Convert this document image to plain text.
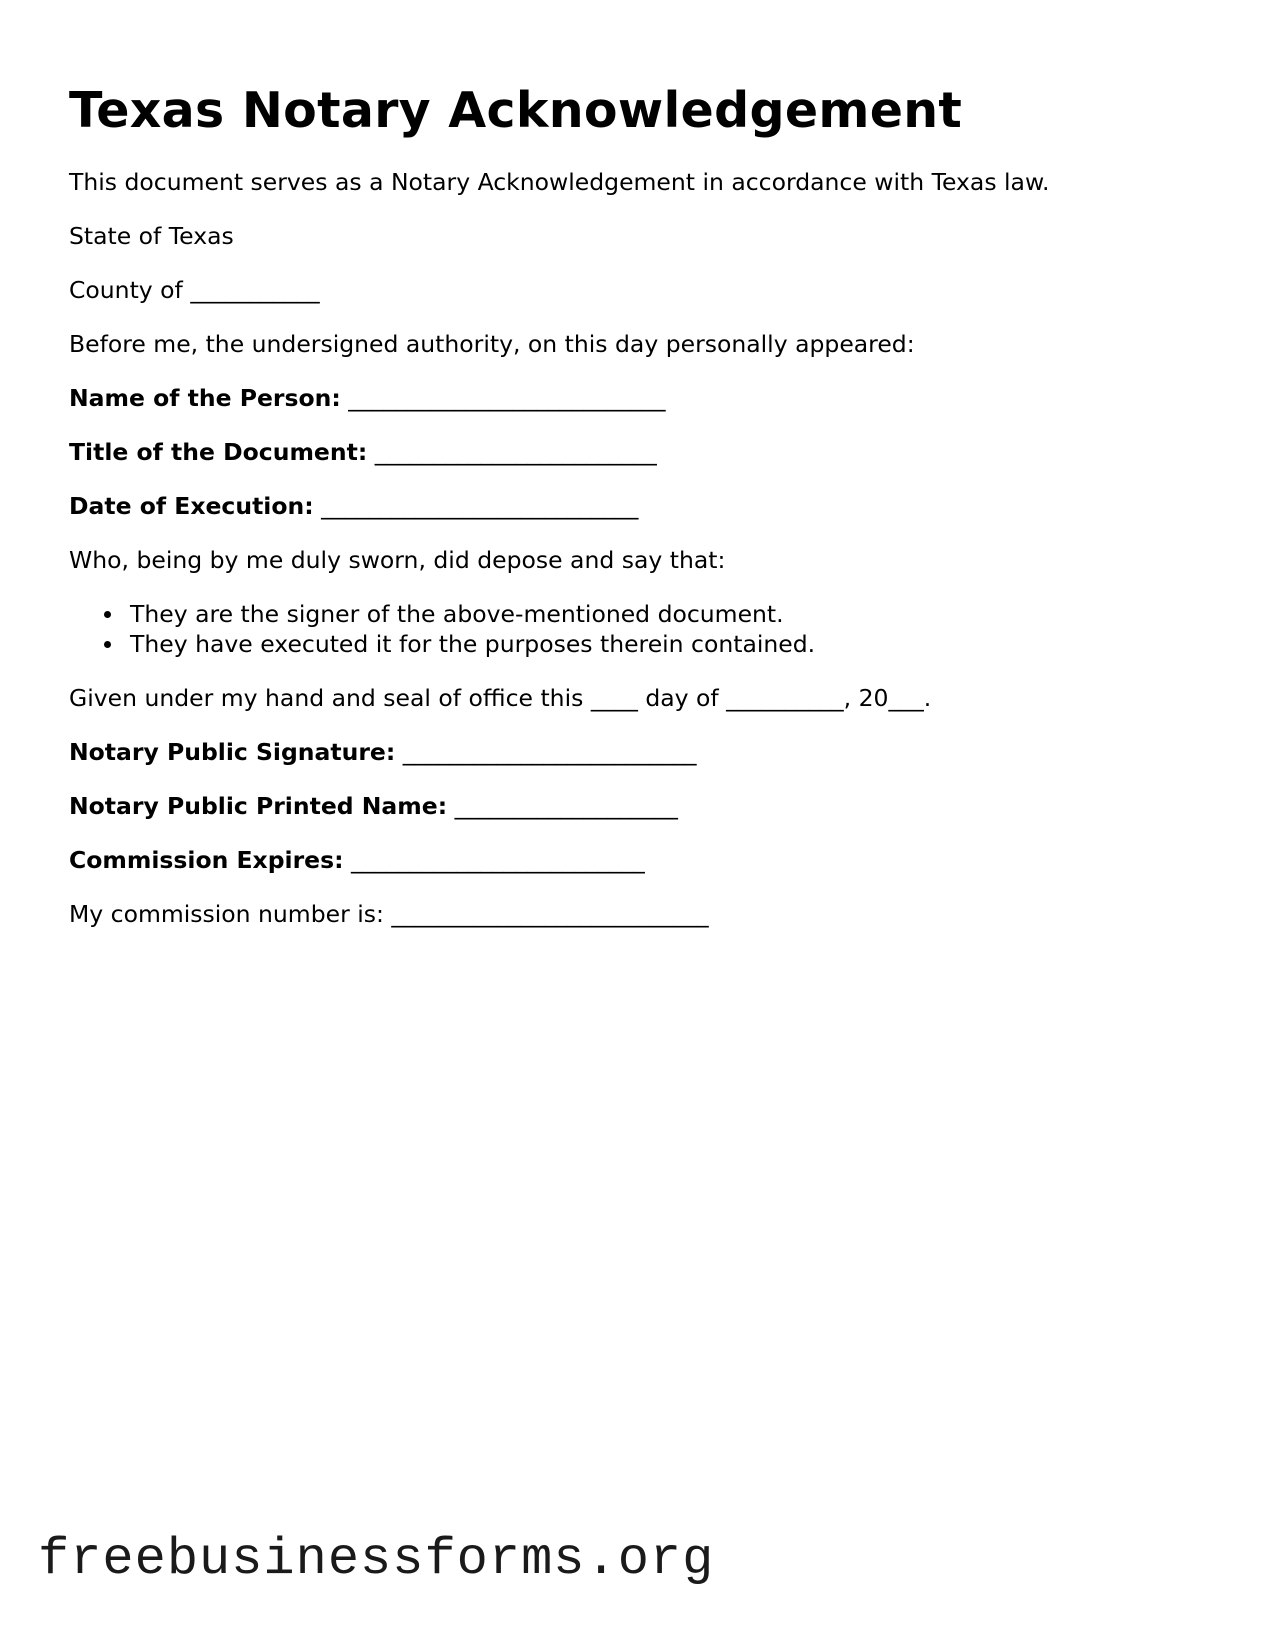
Texas Notary Acknowledgement

This document serves as a Notary Acknowledgement in accordance with Texas law.

State of Texas

County of ___________

Before me, the undersigned authority, on this day personally appeared:

Name of the Person: ___________________________

Title of the Document: ________________________

Date of Execution: ___________________________

Who, being by me duly sworn, did depose and say that:

They are the signer of the above-mentioned document.
They have executed it for the purposes therein contained.

Given under my hand and seal of office this ____ day of __________, 20___.

Notary Public Signature: _________________________

Notary Public Printed Name: ___________________

Commission Expires: _________________________

My commission number is: ___________________________

freebusinessforms.org
